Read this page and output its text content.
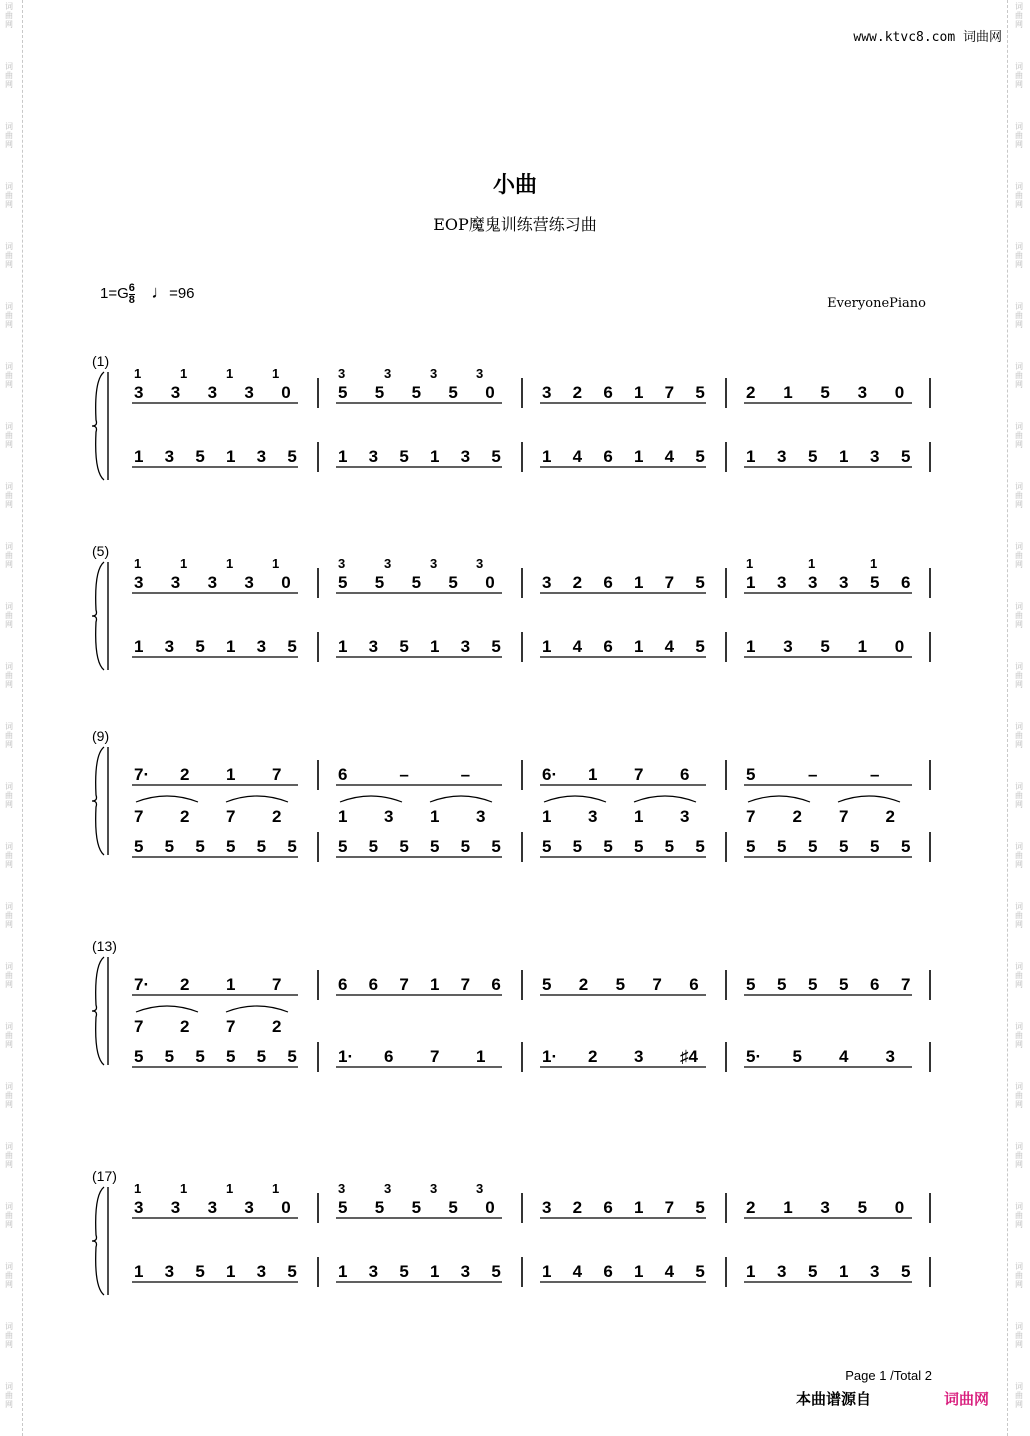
www.ktvc8.com 词曲网
小曲
EOP魔鬼训练营练习曲
$1=G \frac{6}{8}$ ♩=96
EveryonePiano
(1)
1	1	1	1	3	3	3	3
3 3 3 3 0	5 5 5 5 0	3 2 6 1 7 5 2 1 5 3 0
1 3 5 1 3 5 1 3 5 1 3 5 1 4 6 1 4 5 1 3 5 1 3 5
(5)
1	1	1	1	3	3	3	3	1	1	1
3 3 3 3 0	5 5 5 5 0	3 2 6 1 7 5 1 3 3 3 5 6
1 3 5 1 3 5 1 3 5 1 3 5 1 4 6 1 4 5 1 3 5 1 0
(9)
7· 2 1 7	6	–	–	6· 1 7 6	5	–	–
7 2 7 2	1 3 1 3	1 3 1 3	7 2 7 2
5 5 5 5 5 5 5 5 5 5 5 5 5 5 5 5 5 5 5 5 5 5 5 5
(13)
7· 2 1 7	6 6 7 1 7 6 5 2 5 7 6	5 5 5 5 6 7
7 2 7 2
5 5 5 5 5 5 1· 6 7 1	1· 2 3 ♯4	5· 5 4 3
(17)
1	1	1	1	3	3	3	3
3 3 3 3 0	5 5 5 5 0	3 2 6 1 7 5 2 1 3 5 0
1 3 5 1 3 5 1 3 5 1 3 5 1 4 6 1 4 5 1 3 5 1 3 5
Page 1 /Total 2
本曲谱源自	词曲网
词
曲
网
词
曲
网
词
曲
网
词
曲
网
词
曲
网
词
曲
网
词
曲
网
词
曲
网
词
曲
网
词
曲
网
词
曲
网
词
曲
网
词
曲
网
词
曲
网
词
曲
网
词
曲
网
词
曲
网
词
曲
网
词
曲
网
词
曲
网
词
曲
网
词
曲
网
词
曲
网
词
曲
网
词
曲
网
词
曲
网
词
曲
网
词
曲
网
词
曲
网
词
曲
网
词
曲
网
词
曲
网
词
曲
网
词
曲
网
词
曲
网
词
曲
网
词
曲
网
词
曲
网
词
曲
网
词
曲
网
词
曲
网
词
曲
网
词
曲
网
词
曲
网
词
曲
网
词
曲
网
词
曲
网
词
曲
网
